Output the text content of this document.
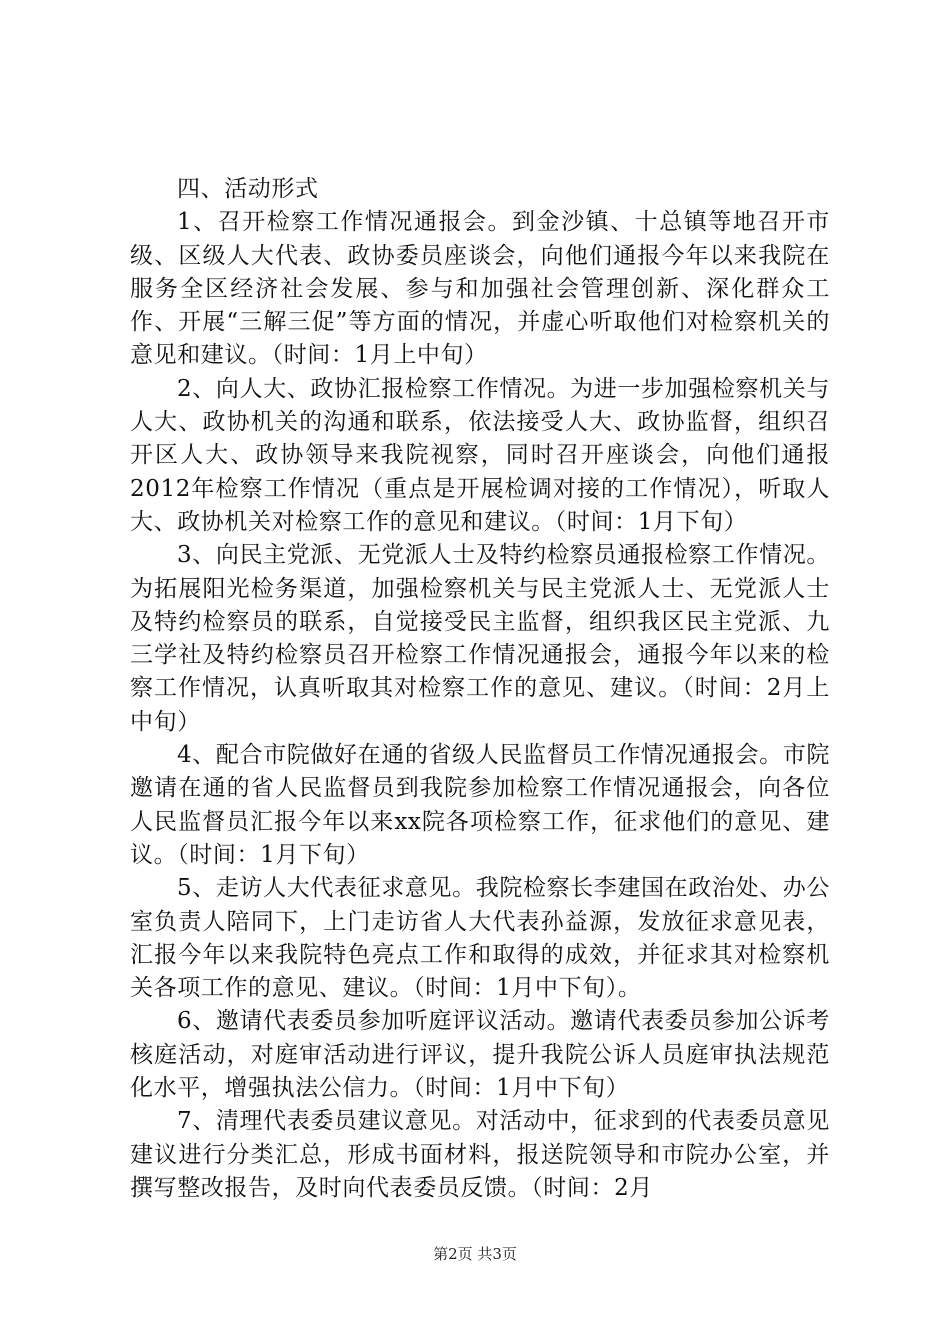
四、活动形式

1、召开检察工作情况通报会。到金沙镇、十总镇等地召开市级、区级人大代表、政协委员座谈会，向他们通报今年以来我院在服务全区经济社会发展、参与和加强社会管理创新、深化群众工作、开展“三解三促”等方面的情况，并虚心听取他们对检察机关的意见和建议。（时间：1月上中旬）

2、向人大、政协汇报检察工作情况。为进一步加强检察机关与人大、政协机关的沟通和联系，依法接受人大、政协监督，组织召开区人大、政协领导来我院视察，同时召开座谈会，向他们通报2012年检察工作情况（重点是开展检调对接的工作情况），听取人大、政协机关对检察工作的意见和建议。（时间：1月下旬）

3、向民主党派、无党派人士及特约检察员通报检察工作情况。为拓展阳光检务渠道，加强检察机关与民主党派人士、无党派人士及特约检察员的联系，自觉接受民主监督，组织我区民主党派、九三学社及特约检察员召开检察工作情况通报会，通报今年以来的检察工作情况，认真听取其对检察工作的意见、建议。（时间：2月上中旬）

4、配合市院做好在通的省级人民监督员工作情况通报会。市院邀请在通的省人民监督员到我院参加检察工作情况通报会，向各位人民监督员汇报今年以来xx院各项检察工作，征求他们的意见、建议。（时间：1月下旬）

5、走访人大代表征求意见。我院检察长李建国在政治处、办公室负责人陪同下，上门走访省人大代表孙益源，发放征求意见表，汇报今年以来我院特色亮点工作和取得的成效，并征求其对检察机关各项工作的意见、建议。（时间：1月中下旬）。

6、邀请代表委员参加听庭评议活动。邀请代表委员参加公诉考核庭活动，对庭审活动进行评议，提升我院公诉人员庭审执法规范化水平，增强执法公信力。（时间：1月中下旬）

7、清理代表委员建议意见。对活动中，征求到的代表委员意见建议进行分类汇总，形成书面材料，报送院领导和市院办公室，并撰写整改报告，及时向代表委员反馈。（时间：2月

第2页 共3页
